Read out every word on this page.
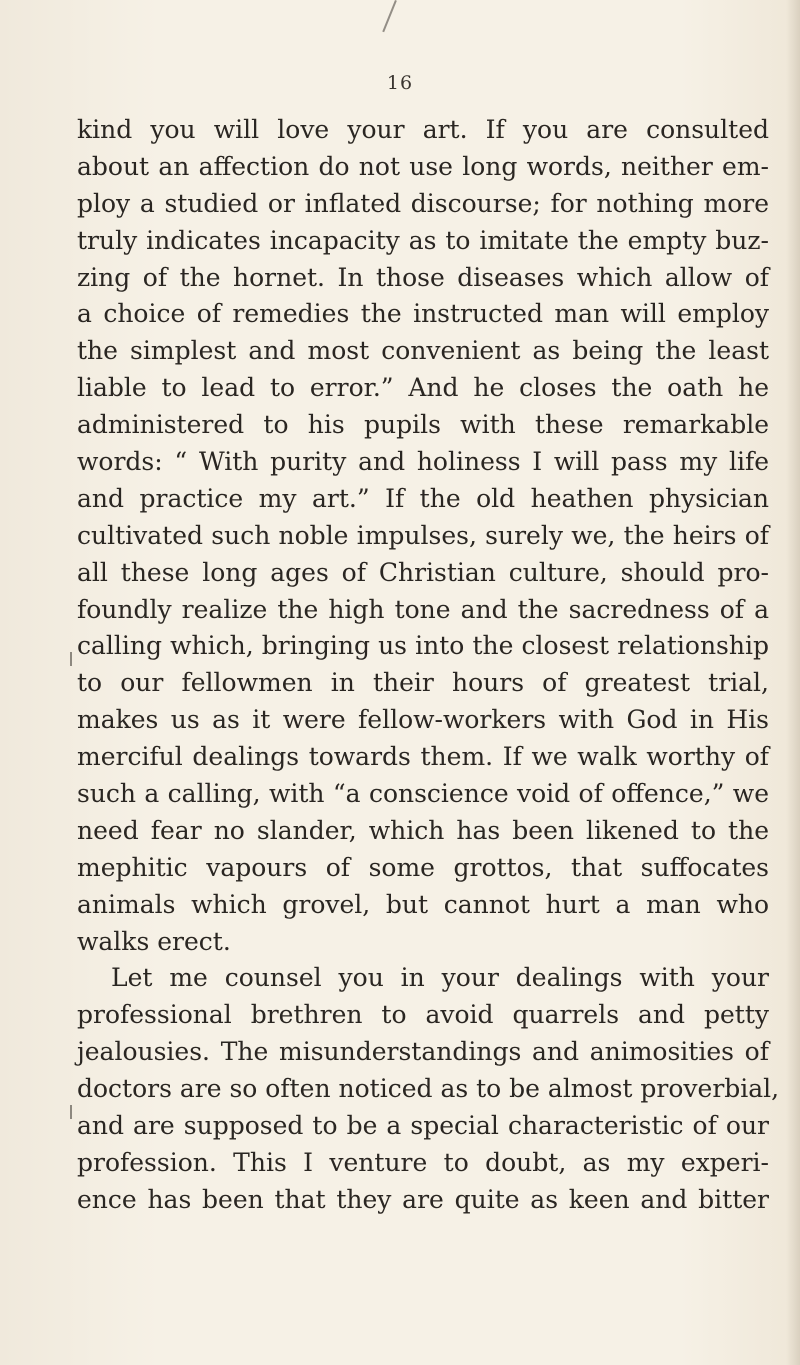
16
kind you will love your art. If you are consulted
about an affection do not use long words, neither em-
ploy a studied or inflated discourse; for nothing more
truly indicates incapacity as to imitate the empty buz-
zing of the hornet. In those diseases which allow of
a choice of remedies the instructed man will employ
the simplest and most convenient as being the least
liable to lead to error.” And he closes the oath he
administered to his pupils with these remarkable
words: “ With purity and holiness I will pass my life
and practice my art.” If the old heathen physician
cultivated such noble impulses, surely we, the heirs of
all these long ages of Christian culture, should pro-
foundly realize the high tone and the sacredness of a
calling which, bringing us into the closest relationship
to our fellowmen in their hours of greatest trial,
makes us as it were fellow-workers with God in His
merciful dealings towards them. If we walk worthy of
such a calling, with “a conscience void of offence,” we
need fear no slander, which has been likened to the
mephitic vapours of some grottos, that suffocates
animals which grovel, but cannot hurt a man who
walks erect.
Let me counsel you in your dealings with your
professional brethren to avoid quarrels and petty
jealousies. The misunderstandings and animosities of
doctors are so often noticed as to be almost proverbial,
and are supposed to be a special characteristic of our
profession. This I venture to doubt, as my experi-
ence has been that they are quite as keen and bitter
